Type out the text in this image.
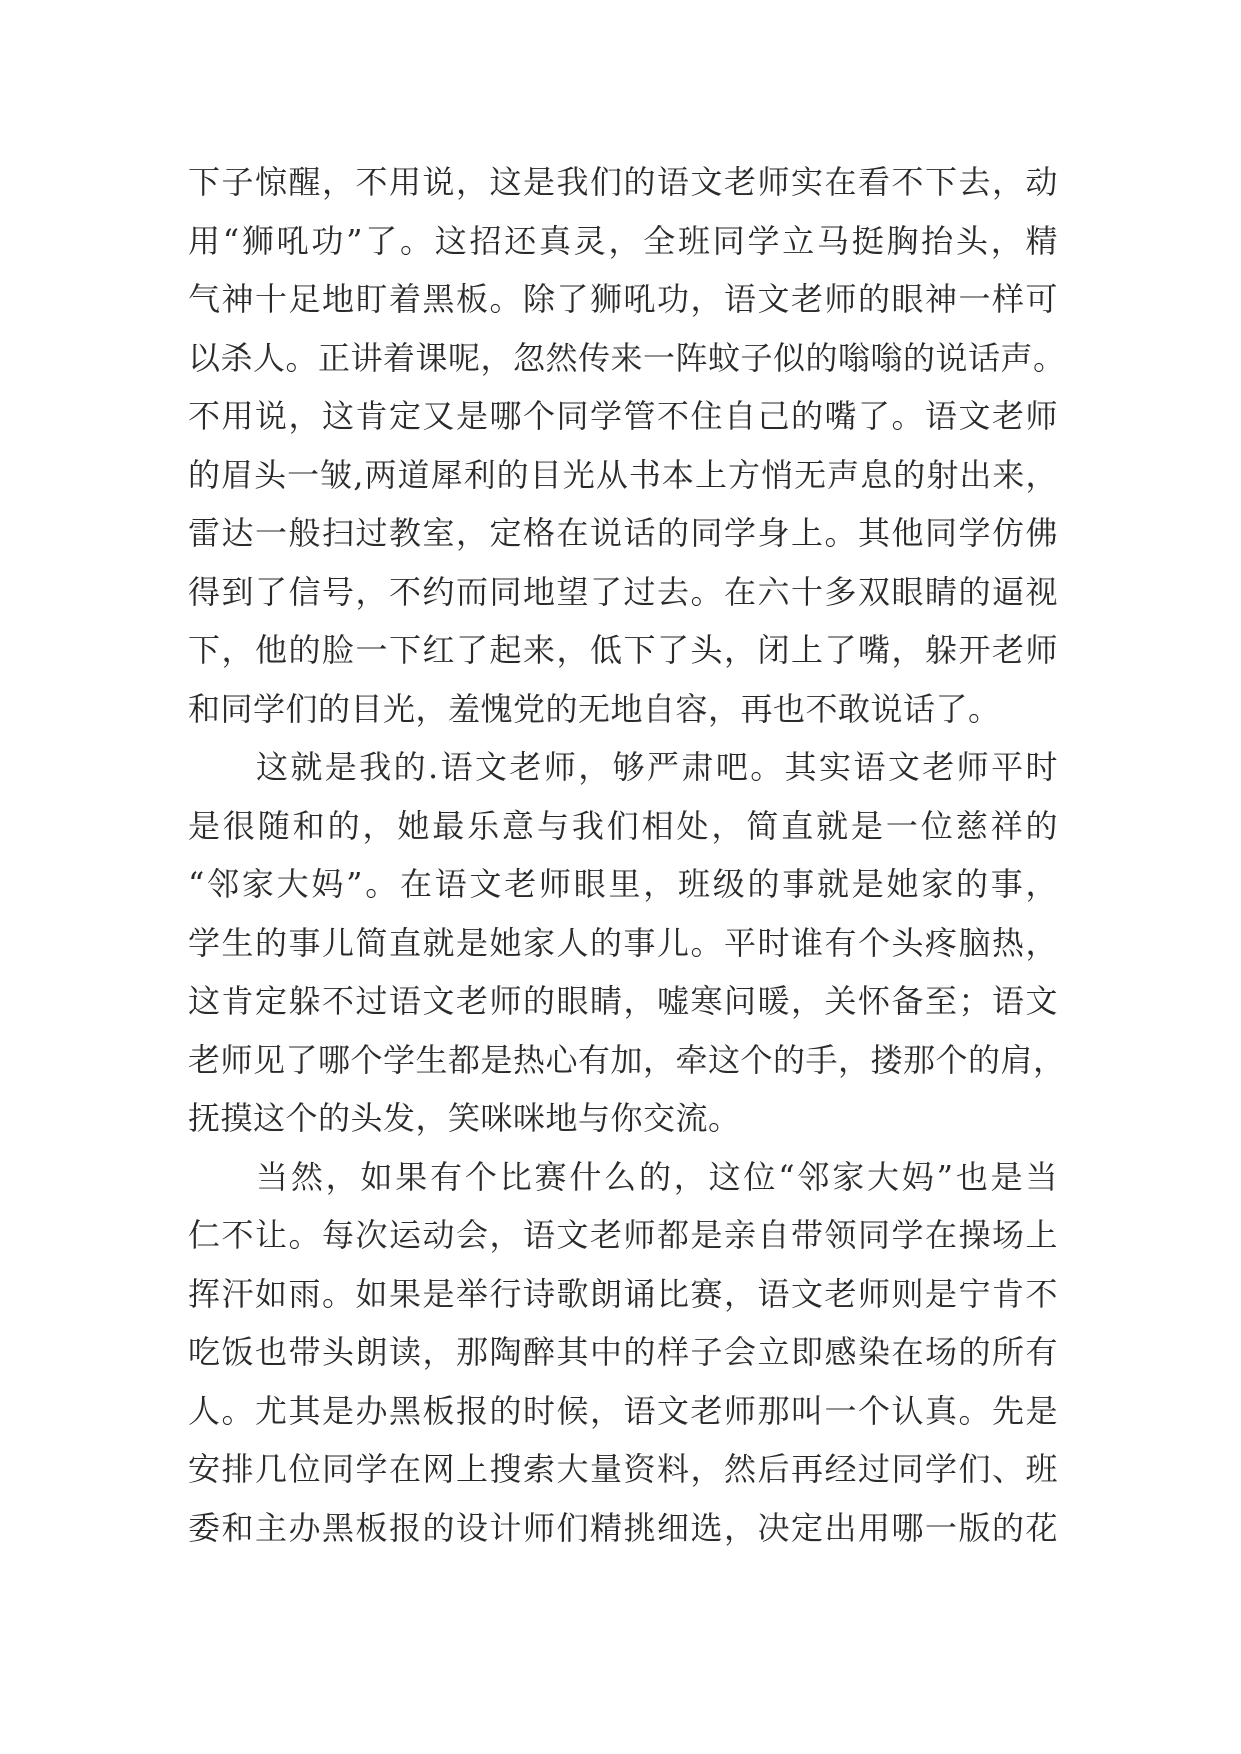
下子惊醒，不用说，这是我们的语文老师实在看不下去，动
用“狮吼功”了。这招还真灵，全班同学立马挺胸抬头，精
气神十足地盯着黑板。除了狮吼功，语文老师的眼神一样可
以杀人。正讲着课呢，忽然传来一阵蚊子似的嗡嗡的说话声。
不用说，这肯定又是哪个同学管不住自己的嘴了。语文老师
的眉头一皱,两道犀利的目光从书本上方悄无声息的射出来，
雷达一般扫过教室，定格在说话的同学身上。其他同学仿佛
得到了信号，不约而同地望了过去。在六十多双眼睛的逼视
下，他的脸一下红了起来，低下了头，闭上了嘴，躲开老师
和同学们的目光，羞愧党的无地自容，再也不敢说话了。
这就是我的.语文老师，够严肃吧。其实语文老师平时
是很随和的，她最乐意与我们相处，简直就是一位慈祥的
“邻家大妈”。在语文老师眼里，班级的事就是她家的事，
学生的事儿简直就是她家人的事儿。平时谁有个头疼脑热，
这肯定躲不过语文老师的眼睛，嘘寒问暖，关怀备至；语文
老师见了哪个学生都是热心有加，牵这个的手，搂那个的肩，
抚摸这个的头发，笑咪咪地与你交流。
当然，如果有个比赛什么的，这位“邻家大妈”也是当
仁不让。每次运动会，语文老师都是亲自带领同学在操场上
挥汗如雨。如果是举行诗歌朗诵比赛，语文老师则是宁肯不
吃饭也带头朗读，那陶醉其中的样子会立即感染在场的所有
人。尤其是办黑板报的时候，语文老师那叫一个认真。先是
安排几位同学在网上搜索大量资料，然后再经过同学们、班
委和主办黑板报的设计师们精挑细选，决定出用哪一版的花
